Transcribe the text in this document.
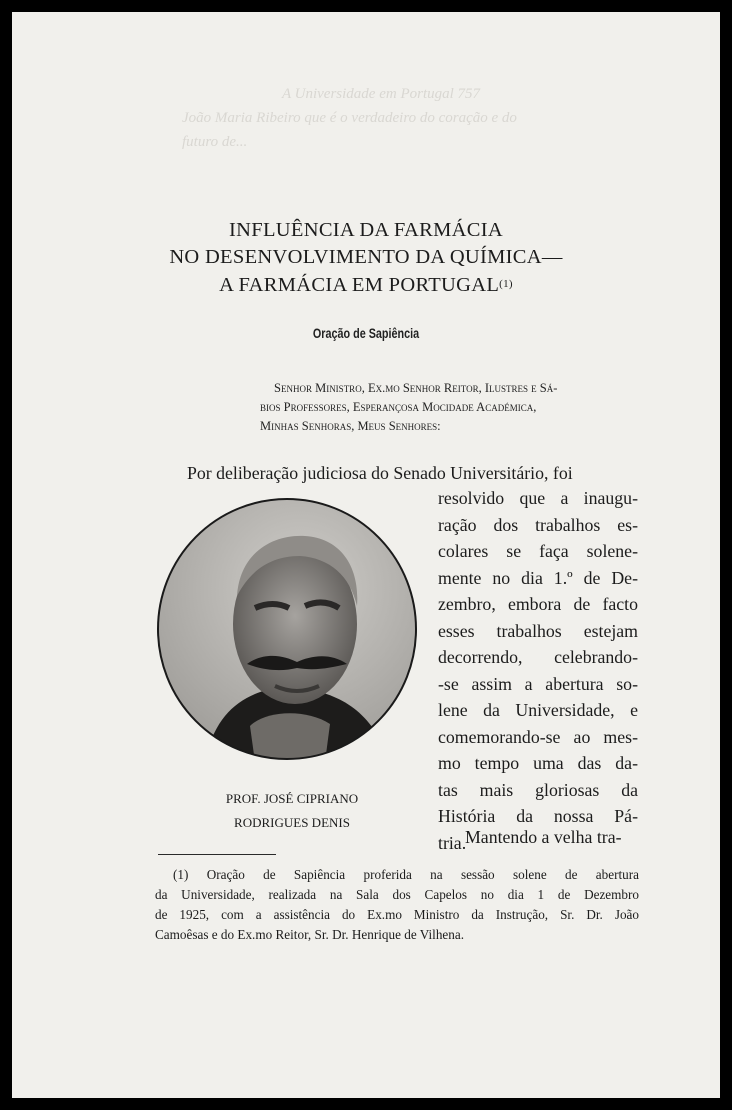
A Universidade em Portugal 757

João Maria Ribeiro que é o verdadeiro do coração e do
futuro de...
INFLUÊNCIA DA FARMÁCIA
NO DESENVOLVIMENTO DA QUÍMICA—
A FARMÁCIA EM PORTUGAL$^{(1)}$
Oração de Sapiência
Senhor Ministro, Ex.mo Senhor Reitor, Ilustres e Sá-
bios Professores, Esperançosa Mocidade Académica,
Minhas Senhoras, Meus Senhores:
Por deliberação judiciosa do Senado Universitário, foi
resolvido que a inaugu-
ração dos trabalhos es-
colares se faça solene-
mente no dia 1.º de De-
zembro, embora de facto
esses trabalhos estejam
decorrendo, celebrando-
-se assim a abertura so-
lene da Universidade, e
comemorando-se ao mes-
mo tempo uma das da-
tas mais gloriosas da
História da nossa Pá-
tria.
Mantendo a velha tra-
PROF. JOSÉ CIPRIANO
RODRIGUES DENIS
(1) Oração de Sapiência proferida na sessão solene de abertura
da Universidade, realizada na Sala dos Capelos no dia 1 de Dezembro
de 1925, com a assistência do Ex.mo Ministro da Instrução, Sr. Dr. João
Camoêsas e do Ex.mo Reitor, Sr. Dr. Henrique de Vilhena.
